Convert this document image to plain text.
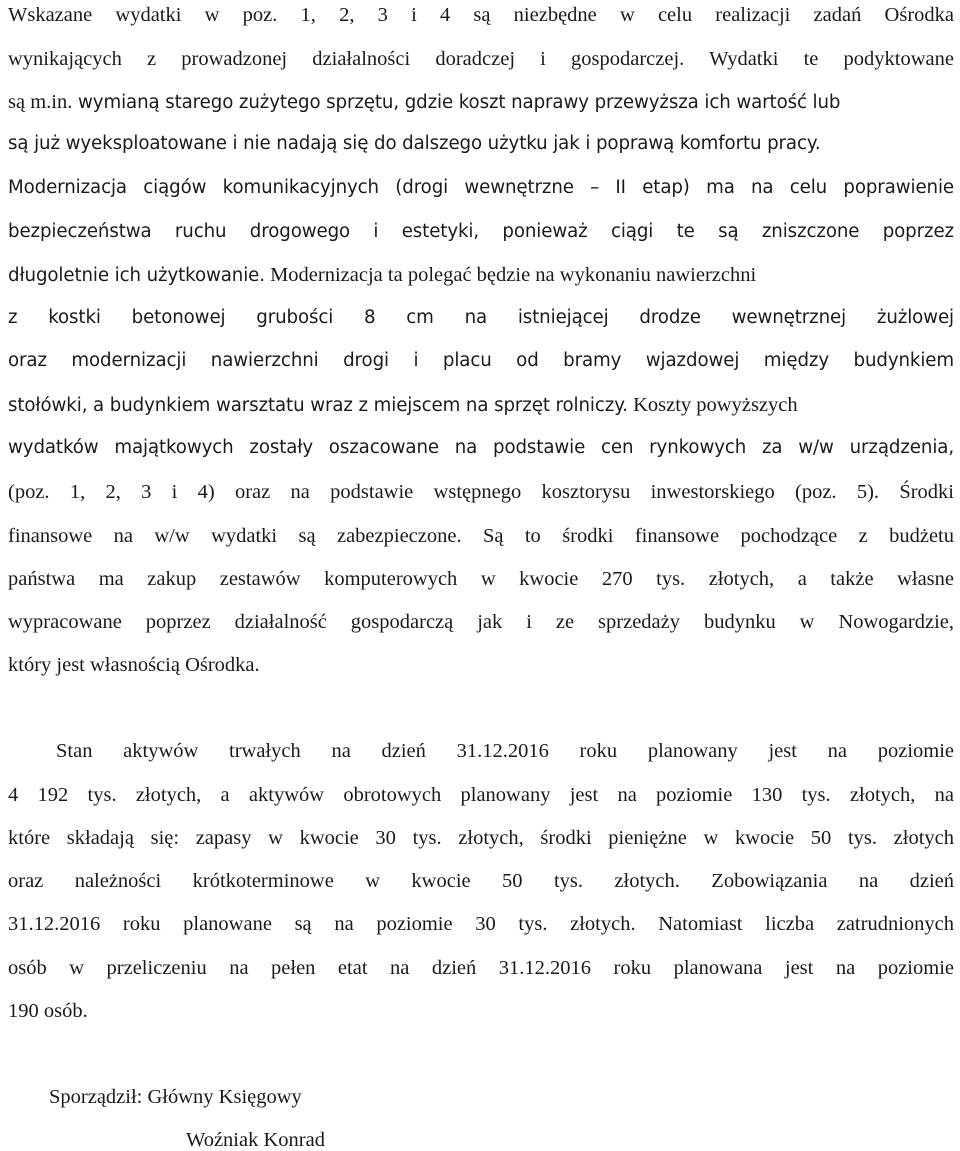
Wskazane wydatki w poz. 1, 2, 3 i 4 są niezbędne w celu realizacji zadań Ośrodka
wynikających z prowadzonej działalności doradczej i gospodarczej. Wydatki te podyktowane
są m.in. wymianą starego zużytego sprzętu, gdzie koszt naprawy przewyższa ich wartość lub
są już wyeksploatowane i nie nadają się do dalszego użytku jak i poprawą komfortu pracy.
Modernizacja ciągów komunikacyjnych (drogi wewnętrzne – II etap) ma na celu poprawienie
bezpieczeństwa ruchu drogowego i estetyki, ponieważ ciągi te są zniszczone poprzez
długoletnie ich użytkowanie. Modernizacja ta polegać będzie na wykonaniu nawierzchni
z kostki betonowej grubości 8 cm na istniejącej drodze wewnętrznej żużlowej
oraz modernizacji nawierzchni drogi i placu od bramy wjazdowej między budynkiem
stołówki, a budynkiem warsztatu wraz z miejscem na sprzęt rolniczy. Koszty powyższych
wydatków majątkowych zostały oszacowane na podstawie cen rynkowych za w/w urządzenia,
(poz. 1, 2, 3 i 4) oraz na podstawie wstępnego kosztorysu inwestorskiego (poz. 5). Środki
finansowe na w/w wydatki są zabezpieczone. Są to środki finansowe pochodzące z budżetu
państwa ma zakup zestawów komputerowych w kwocie 270 tys. złotych, a także własne
wypracowane poprzez działalność gospodarczą jak i ze sprzedaży budynku w Nowogardzie,
który jest własnością Ośrodka.
Stan aktywów trwałych na dzień 31.12.2016 roku planowany jest na poziomie
4 192 tys. złotych, a aktywów obrotowych planowany jest na poziomie 130 tys. złotych, na
które składają się: zapasy w kwocie 30 tys. złotych, środki pieniężne w kwocie 50 tys. złotych
oraz należności krótkoterminowe w kwocie 50 tys. złotych. Zobowiązania na dzień
31.12.2016 roku planowane są na poziomie 30 tys. złotych. Natomiast liczba zatrudnionych
osób w przeliczeniu na pełen etat na dzień 31.12.2016 roku planowana jest na poziomie
190 osób.
Sporządził: Główny Księgowy
Woźniak Konrad
